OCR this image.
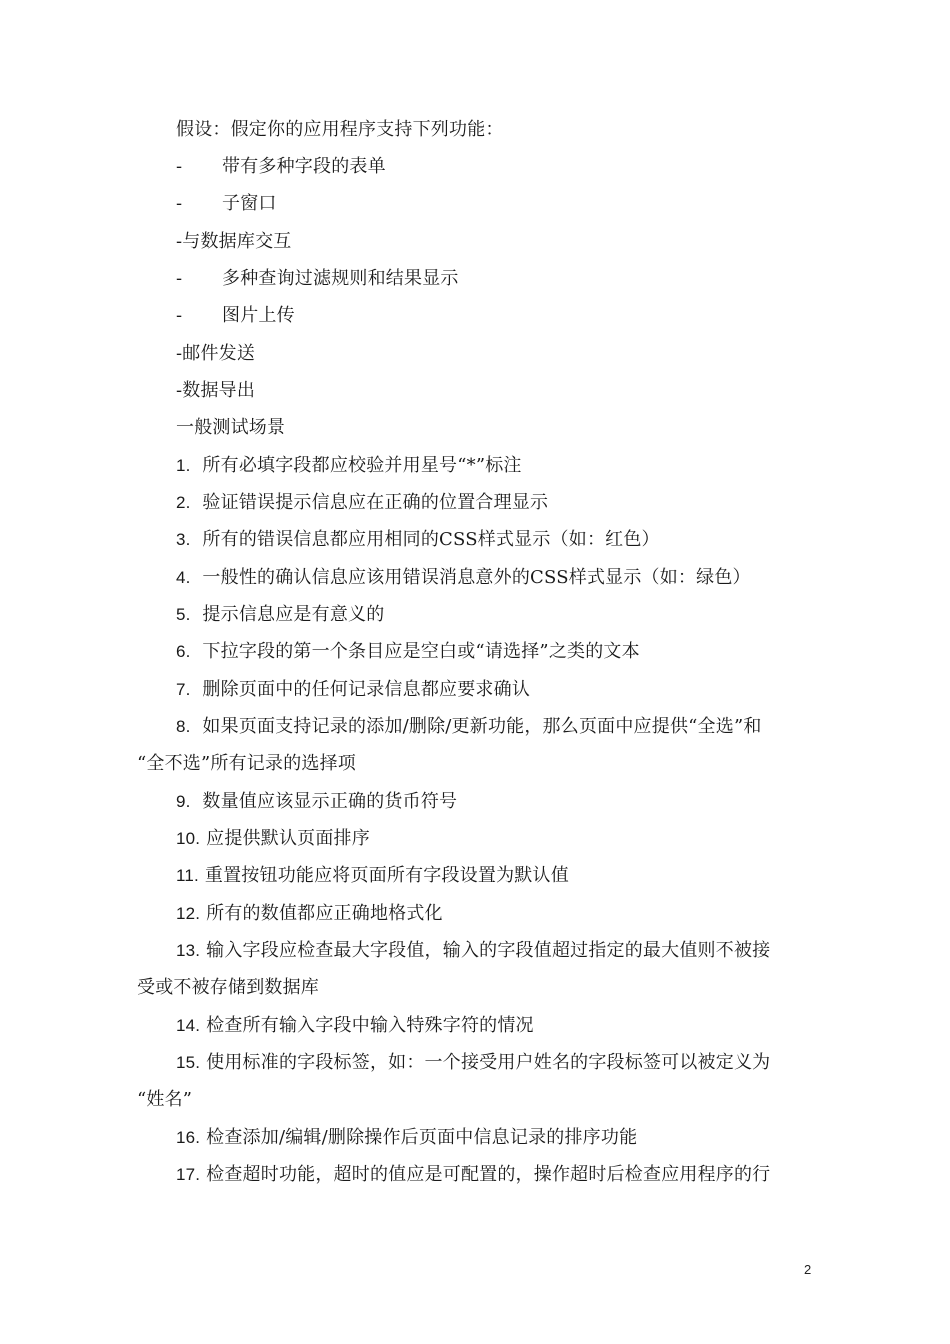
假设：假定你的应用程序支持下列功能：
- 带有多种字段的表单
- 子窗口
-与数据库交互
- 多种查询过滤规则和结果显示
- 图片上传
-邮件发送
-数据导出
一般测试场景
1. 所有必填字段都应校验并用星号“*”标注
2. 验证错误提示信息应在正确的位置合理显示
3. 所有的错误信息都应用相同的CSS样式显示（如：红色）
4. 一般性的确认信息应该用错误消息意外的CSS样式显示（如：绿色）
5. 提示信息应是有意义的
6. 下拉字段的第一个条目应是空白或“请选择”之类的文本
7. 删除页面中的任何记录信息都应要求确认
8. 如果页面支持记录的添加/删除/更新功能，那么页面中应提供“全选”和
“全不选”所有记录的选择项
9. 数量值应该显示正确的货币符号
10. 应提供默认页面排序
11. 重置按钮功能应将页面所有字段设置为默认值
12. 所有的数值都应正确地格式化
13. 输入字段应检查最大字段值，输入的字段值超过指定的最大值则不被接
受或不被存储到数据库
14. 检查所有输入字段中输入特殊字符的情况
15. 使用标准的字段标签，如：一个接受用户姓名的字段标签可以被定义为
“姓名”
16. 检查添加/编辑/删除操作后页面中信息记录的排序功能
17. 检查超时功能，超时的值应是可配置的，操作超时后检查应用程序的行
2
